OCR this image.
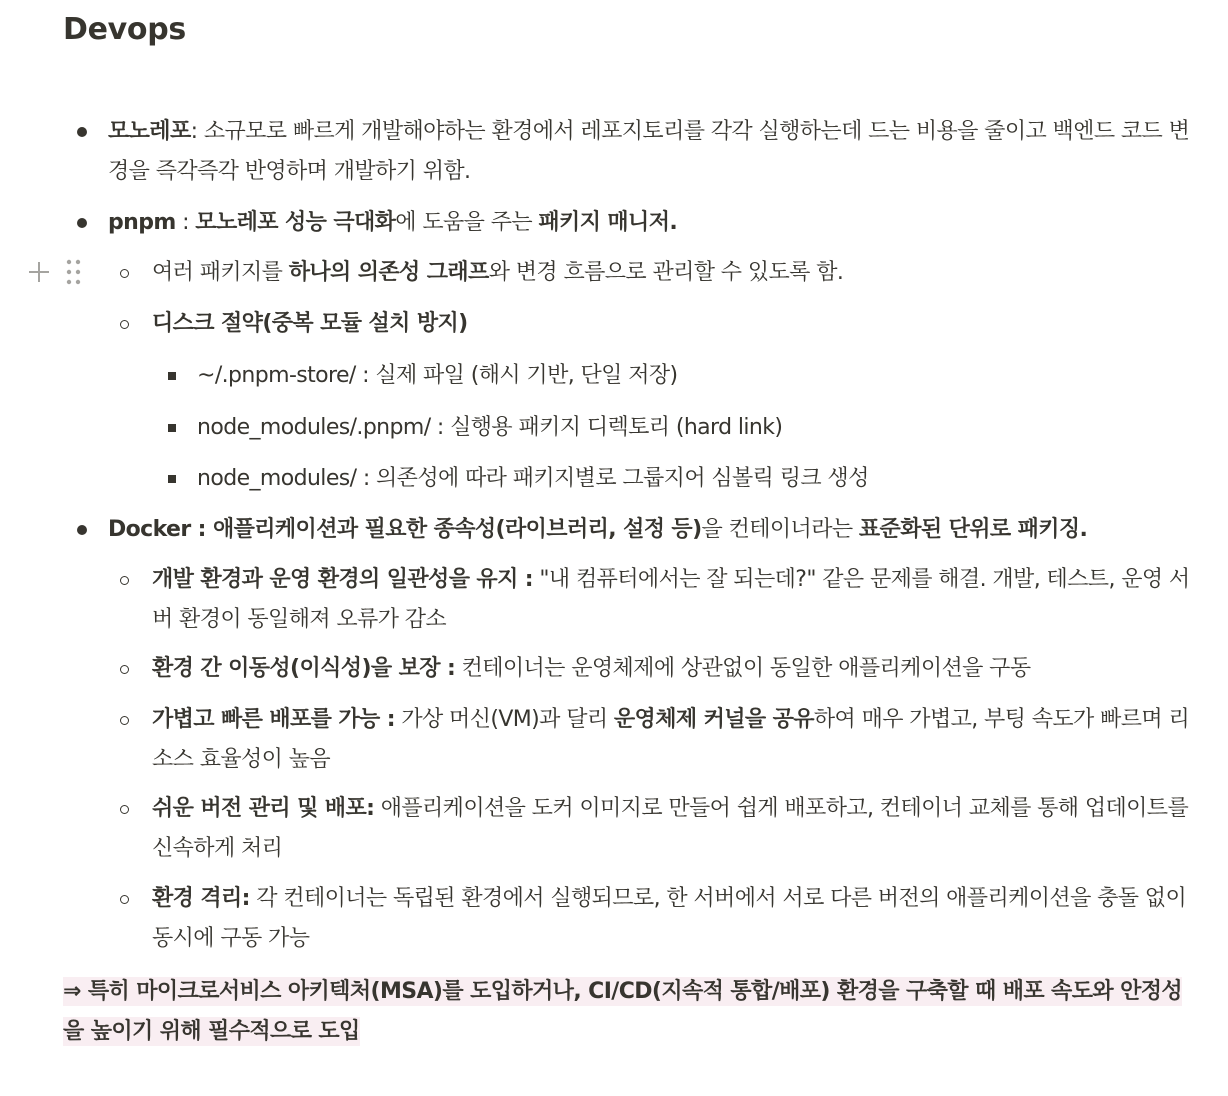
Devops
모노레포: 소규모로 빠르게 개발해야하는 환경에서 레포지토리를 각각 실행하는데 드는 비용을 줄이고 백엔드 코드 변경을 즉각즉각 반영하며 개발하기 위함.
pnpm : 모노레포 성능 극대화에 도움을 주는 패키지 매니저.
여러 패키지를 하나의 의존성 그래프와 변경 흐름으로 관리할 수 있도록 함.
디스크 절약(중복 모듈 설치 방지)
~/.pnpm-store/ : 실제 파일 (해시 기반, 단일 저장)
node_modules/.pnpm/ : 실행용 패키지 디렉토리 (hard link)
node_modules/ : 의존성에 따라 패키지별로 그룹지어 심볼릭 링크 생성
Docker : 애플리케이션과 필요한 종속성(라이브러리, 설정 등)을 컨테이너라는 표준화된 단위로 패키징.
개발 환경과 운영 환경의 일관성을 유지 : "내 컴퓨터에서는 잘 되는데?" 같은 문제를 해결. 개발, 테스트, 운영 서버 환경이 동일해져 오류가 감소
환경 간 이동성(이식성)을 보장 : 컨테이너는 운영체제에 상관없이 동일한 애플리케이션을 구동
가볍고 빠른 배포를 가능 : 가상 머신(VM)과 달리 운영체제 커널을 공유하여 매우 가볍고, 부팅 속도가 빠르며 리소스 효율성이 높음
쉬운 버전 관리 및 배포: 애플리케이션을 도커 이미지로 만들어 쉽게 배포하고, 컨테이너 교체를 통해 업데이트를 신속하게 처리
환경 격리: 각 컨테이너는 독립된 환경에서 실행되므로, 한 서버에서 서로 다른 버전의 애플리케이션을 충돌 없이 동시에 구동 가능
⇒ 특히 마이크로서비스 아키텍처(MSA)를 도입하거나, CI/CD(지속적 통합/배포) 환경을 구축할 때 배포 속도와 안정성을 높이기 위해 필수적으로 도입
